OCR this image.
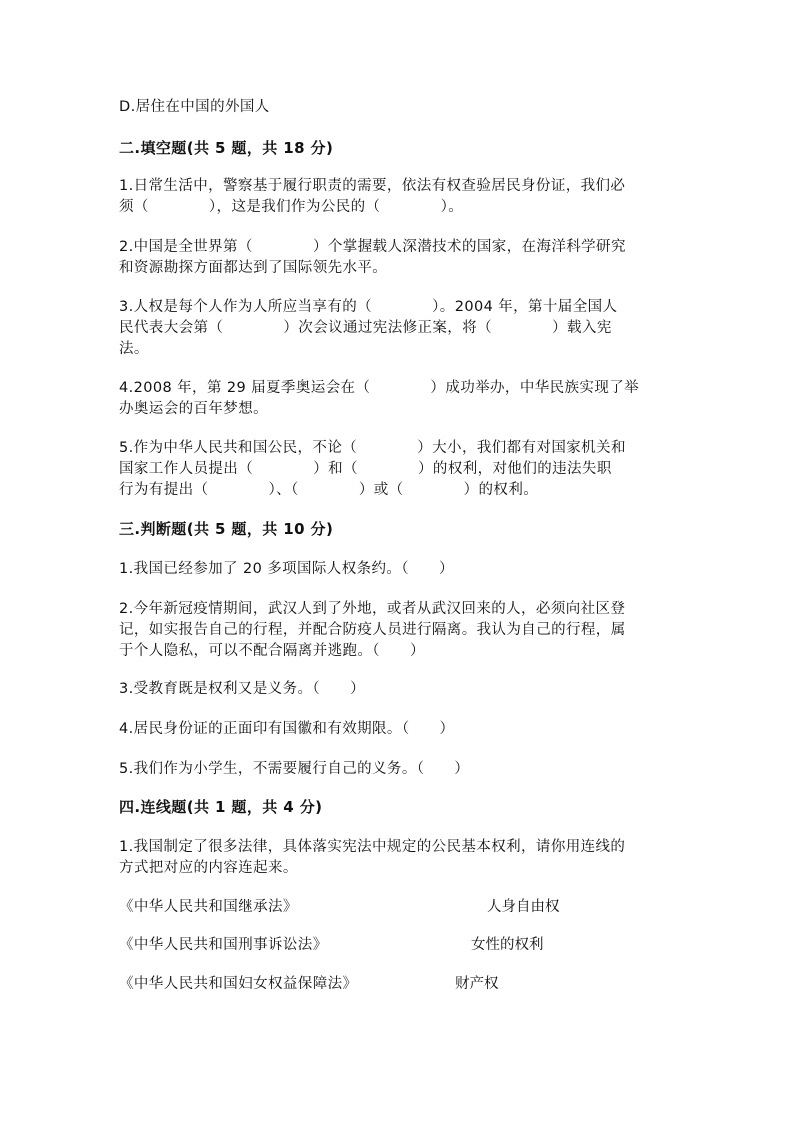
D.居住在中国的外国人
二.填空题(共 5 题，共 18 分)
1.日常生活中，警察基于履行职责的需要，依法有权查验居民身份证，我们必
须（            ），这是我们作为公民的（            ）。
2.中国是全世界第（            ）个掌握载人深潜技术的国家，在海洋科学研究
和资源勘探方面都达到了国际领先水平。
3.人权是每个人作为人所应当享有的（            ）。2004 年，第十届全国人
民代表大会第（            ）次会议通过宪法修正案，将（            ）载入宪
法。
4.2008 年，第 29 届夏季奥运会在（            ）成功举办，中华民族实现了举
办奥运会的百年梦想。
5.作为中华人民共和国公民，不论（            ）大小，我们都有对国家机关和
国家工作人员提出（            ）和（            ）的权利，对他们的违法失职
行为有提出（            ）、（            ）或（            ）的权利。
三.判断题(共 5 题，共 10 分)
1.我国已经参加了 20 多项国际人权条约。（      ）
2.今年新冠疫情期间，武汉人到了外地，或者从武汉回来的人，必须向社区登
记，如实报告自己的行程，并配合防疫人员进行隔离。我认为自己的行程，属
于个人隐私，可以不配合隔离并逃跑。（      ）
3.受教育既是权利又是义务。（      ）
4.居民身份证的正面印有国徽和有效期限。（      ）
5.我们作为小学生，不需要履行自己的义务。（      ）
四.连线题(共 1 题，共 4 分)
1.我国制定了很多法律，具体落实宪法中规定的公民基本权利，请你用连线的
方式把对应的内容连起来。
《中华人民共和国继承法》	人身自由权
《中华人民共和国刑事诉讼法》	女性的权利
《中华人民共和国妇女权益保障法》	财产权
